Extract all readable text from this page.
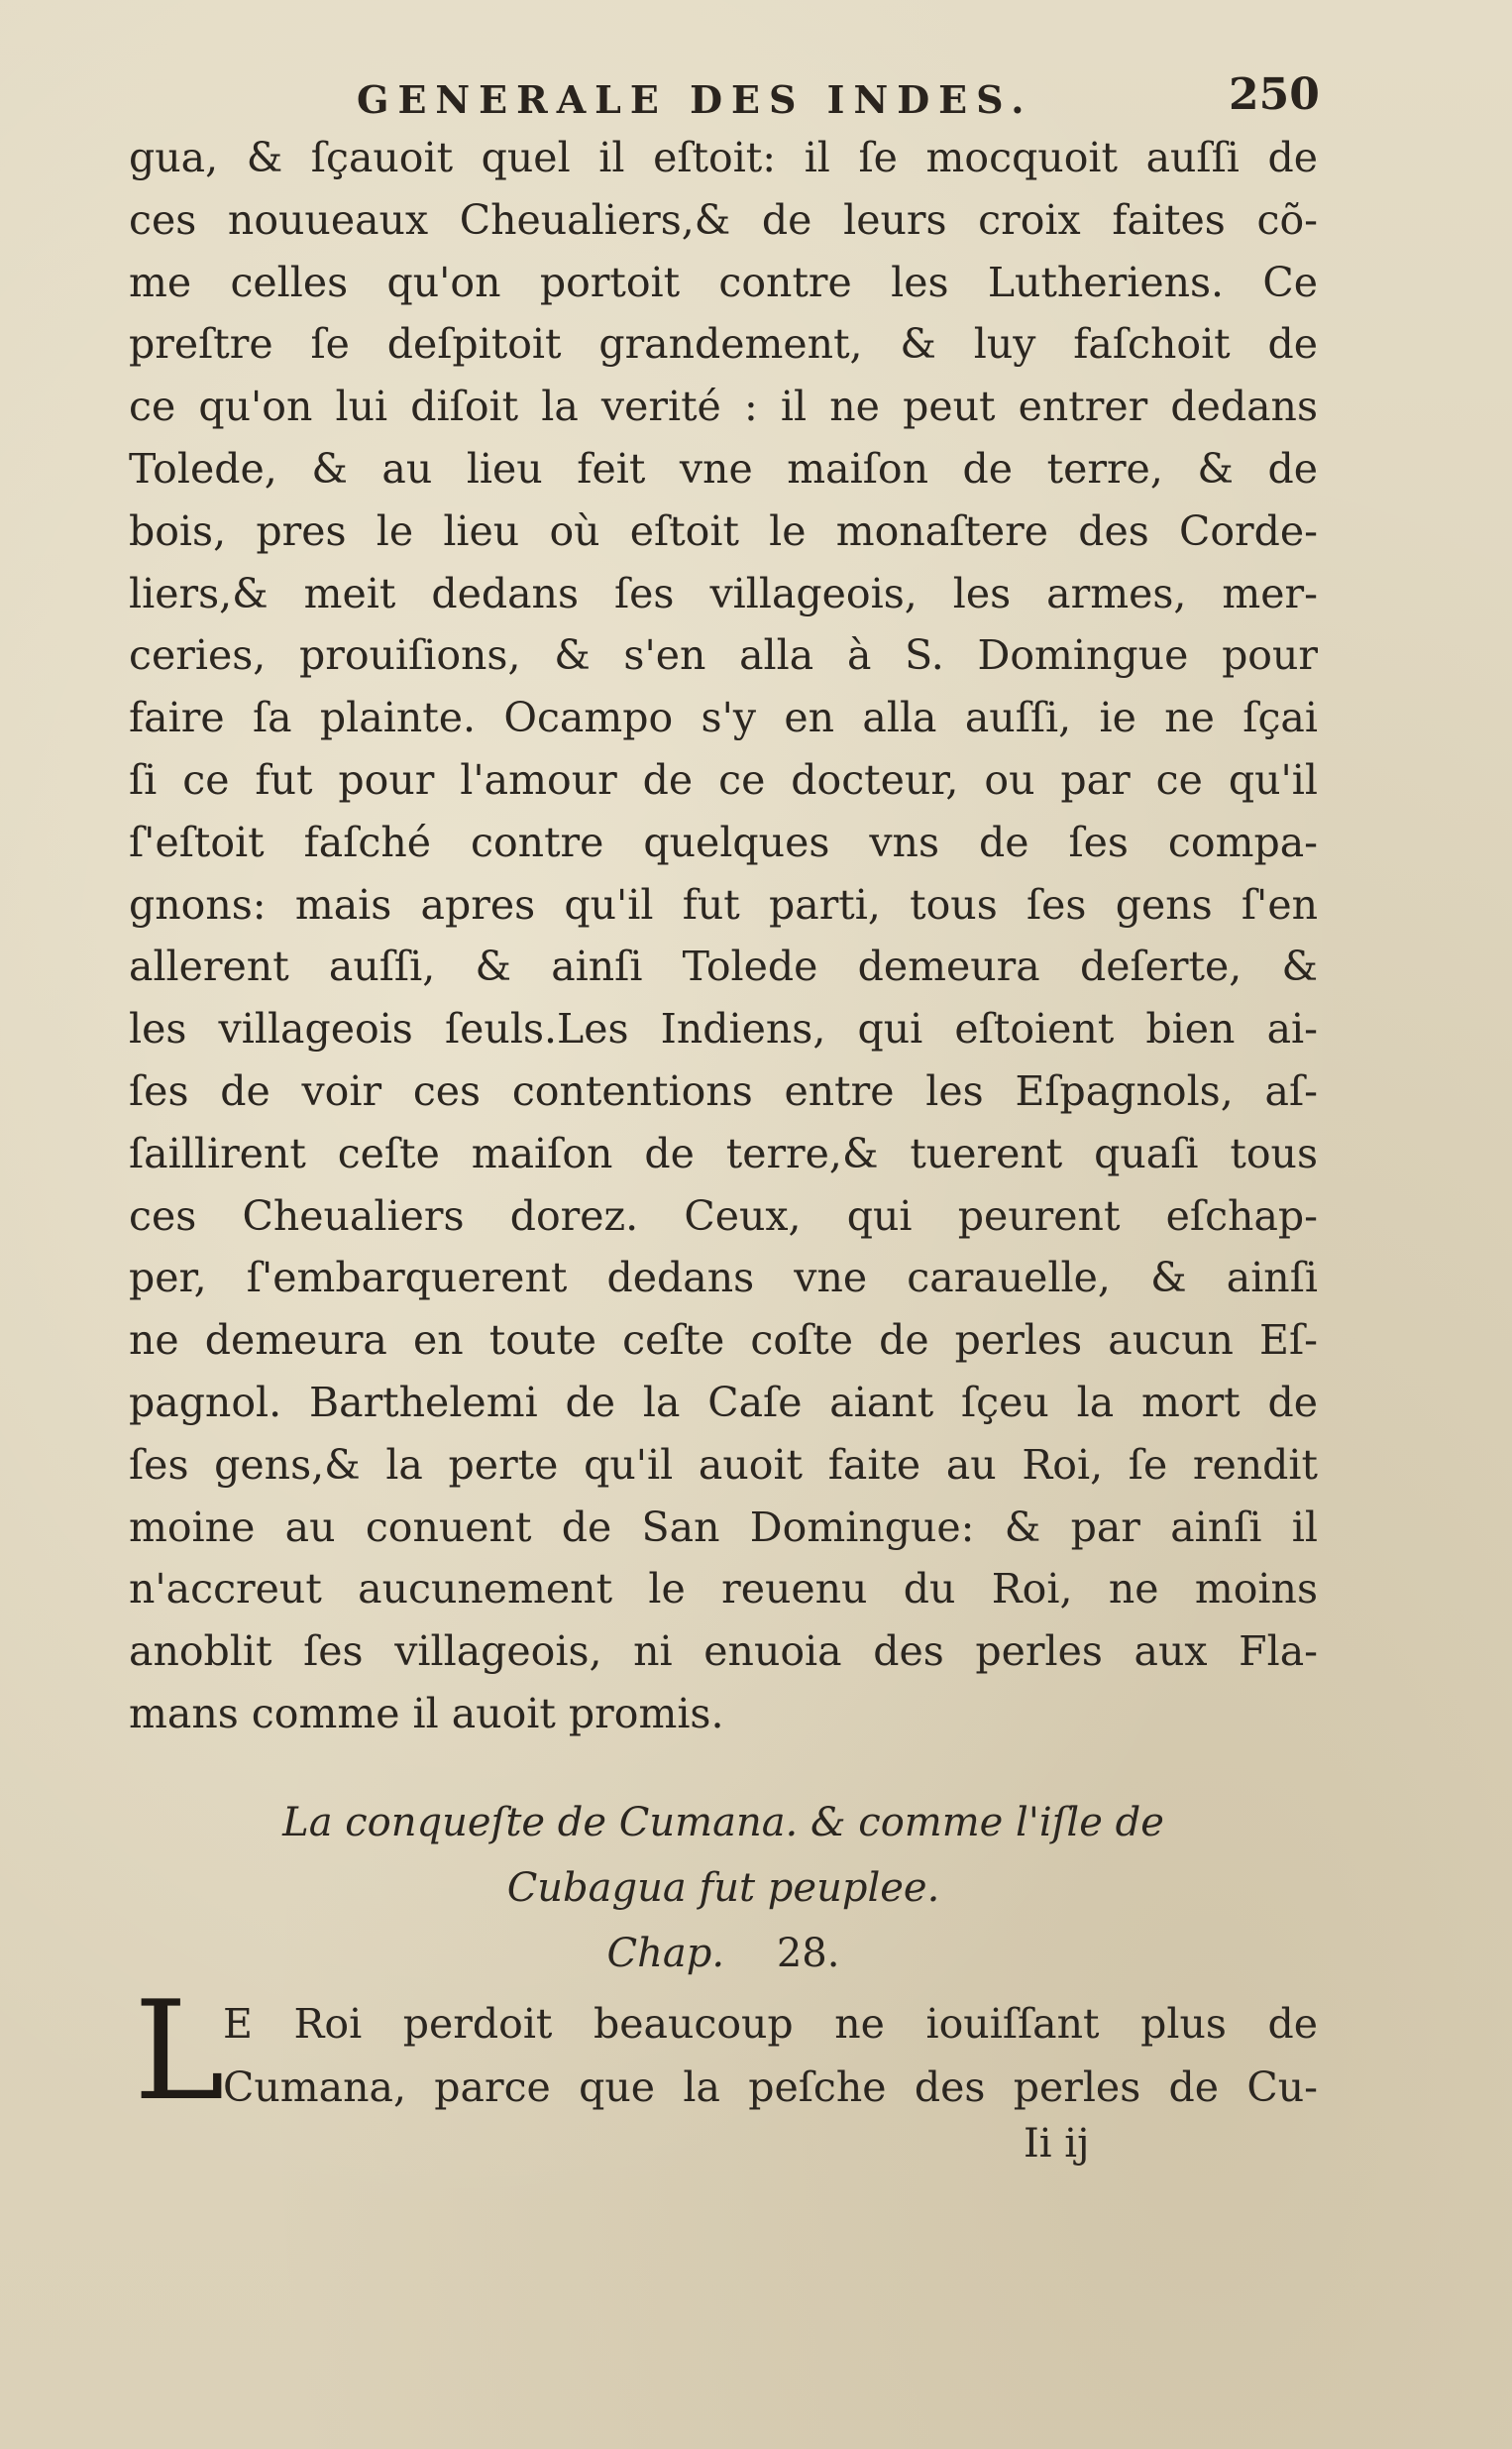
GENERALE DES INDES.	250
gua, & ſçauoit quel il eſtoit: il ſe mocquoit auſſi de
ces nouueaux Cheualiers,& de leurs croix faites cõ-
me celles qu'on portoit contre les Lutheriens. Ce
preſtre ſe deſpitoit grandement, & luy faſchoit de
ce qu'on lui diſoit la verité : il ne peut entrer dedans
Tolede, & au lieu feit vne maiſon de terre, & de
bois, pres le lieu où eſtoit le monaſtere des Corde-
liers,& meit dedans ſes villageois, les armes, mer-
ceries, prouiſions, & s'en alla à S. Domingue pour
faire ſa plainte. Ocampo s'y en alla auſſi, ie ne ſçai
ſi ce fut pour l'amour de ce docteur, ou par ce qu'il
ſ'eſtoit faſché contre quelques vns de ſes compa-
gnons: mais apres qu'il fut parti, tous ſes gens ſ'en
allerent auſſi, & ainſi Tolede demeura deſerte, &
les villageois ſeuls.Les Indiens, qui eſtoient bien ai-
ſes de voir ces contentions entre les Eſpagnols, aſ-
ſaillirent ceſte maiſon de terre,& tuerent quaſi tous
ces Cheualiers dorez. Ceux, qui peurent eſchap-
per, ſ'embarquerent dedans vne carauelle, & ainſi
ne demeura en toute ceſte coſte de perles aucun Eſ-
pagnol. Barthelemi de la Caſe aiant ſçeu la mort de
ſes gens,& la perte qu'il auoit faite au Roi, ſe rendit
moine au conuent de San Domingue: & par ainſi il
n'accreut aucunement le reuenu du Roi, ne moins
anoblit ſes villageois, ni enuoia des perles aux Fla-
mans comme il auoit promis.
La conqueſte de Cumana. & comme l'iſle de
Cubagua fut peuplee.
Chap. 28.
L
E Roi perdoit beaucoup ne iouiſſant plus de
Cumana, parce que la peſche des perles de Cu-
Ii ij
